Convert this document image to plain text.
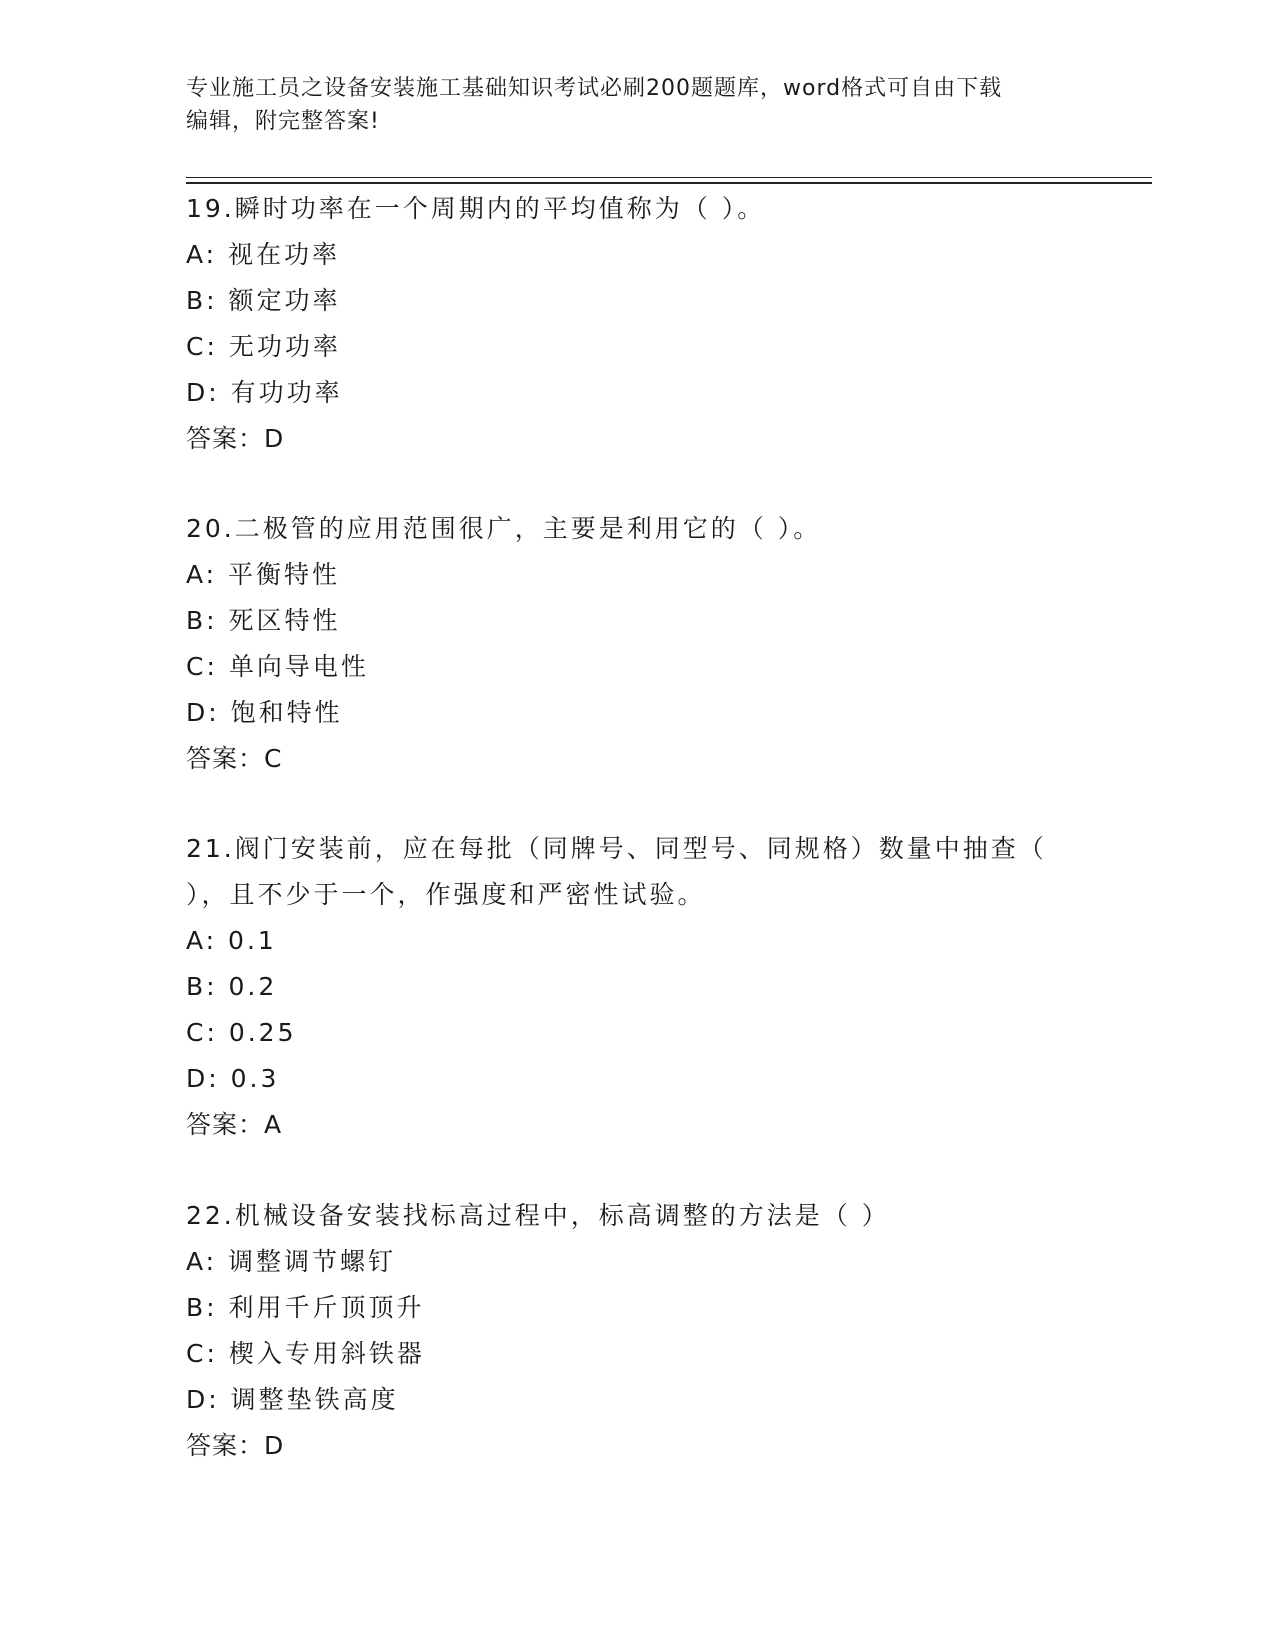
专业施工员之设备安装施工基础知识考试必刷200题题库，word格式可自由下载
编辑，附完整答案!
19.瞬时功率在一个周期内的平均值称为（ ）。
A: 视在功率
B: 额定功率
C: 无功功率
D: 有功功率
答案：D
20.二极管的应用范围很广，主要是利用它的（ ）。
A: 平衡特性
B: 死区特性
C: 单向导电性
D: 饱和特性
答案：C
21.阀门安装前，应在每批（同牌号、同型号、同规格）数量中抽查（
），且不少于一个，作强度和严密性试验。
A: 0.1
B: 0.2
C: 0.25
D: 0.3
答案：A
22.机械设备安装找标高过程中，标高调整的方法是（ ）
A: 调整调节螺钉
B: 利用千斤顶顶升
C: 楔入专用斜铁器
D: 调整垫铁高度
答案：D
